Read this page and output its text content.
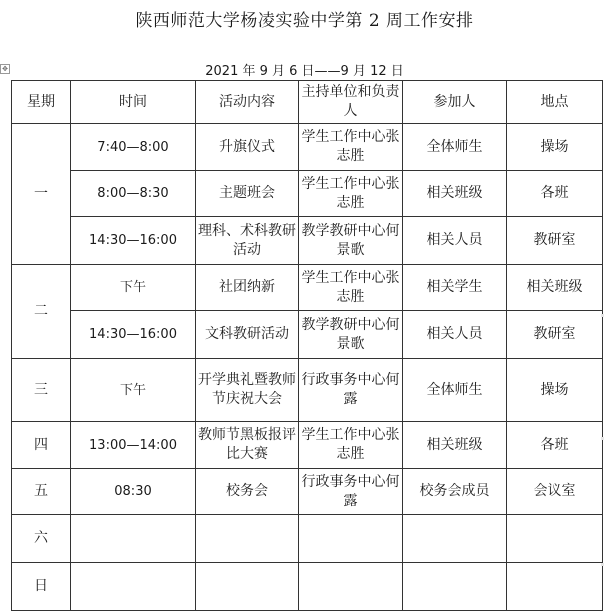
陕西师范大学杨凌实验中学第 2 周工作安排
✥	2021 年 9 月 6 日——9 月 12 日
星期	时间	活动内容	主持单位和负责人	参加人	地点
一	7:40—8:00	升旗仪式	学生工作中心张志胜	全体师生	操场
	8:00—8:30	主题班会	学生工作中心张志胜	相关班级	各班
	14:30—16:00	理科、术科教研活动	教学教研中心何景歌	相关人员	教研室
二	下午	社团纳新	学生工作中心张志胜	相关学生	相关班级
	14:30—16:00	文科教研活动	教学教研中心何景歌	相关人员	教研室
三	下午	开学典礼暨教师节庆祝大会	行政事务中心何露	全体师生	操场
四	13:00—14:00	教师节黑板报评比大赛	学生工作中心张志胜	相关班级	各班
五	08:30	校务会	行政事务中心何露	校务会成员	会议室
六					
日					
